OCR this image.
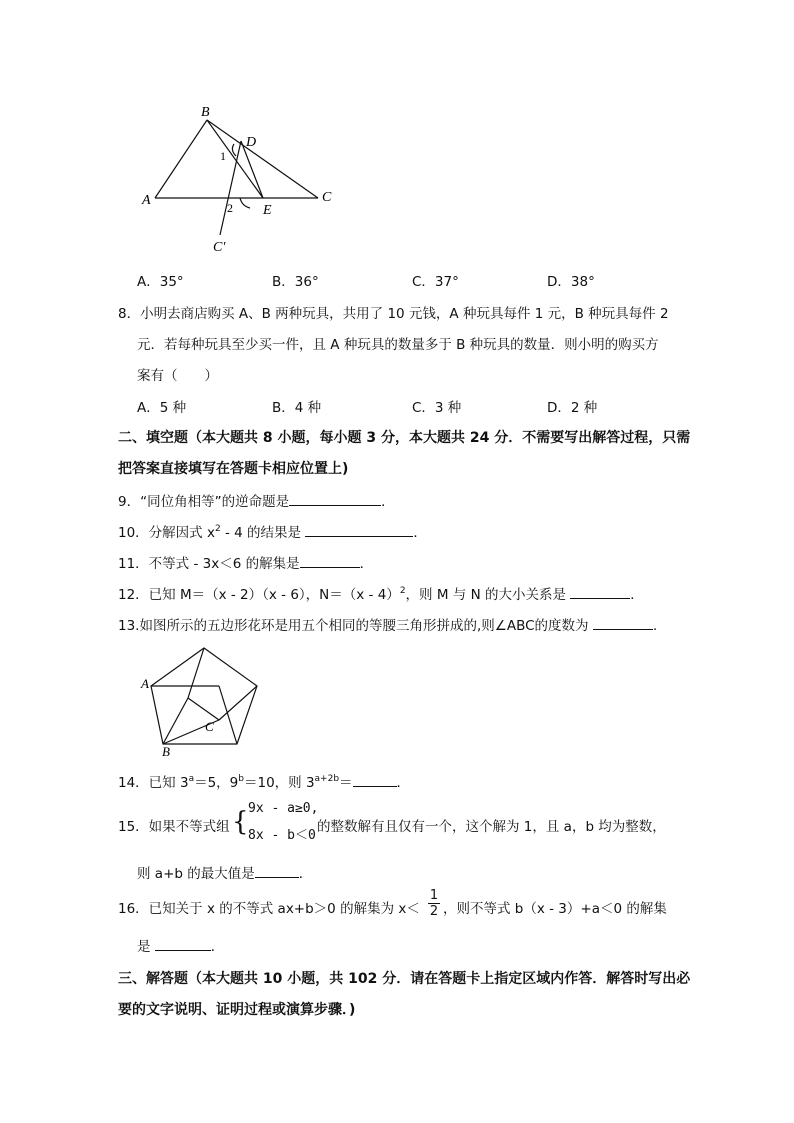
B
D
A	C
E
C′
1
2
A．35°	B．36°	C．37°	D．38°
8．小明去商店购买 A、B 两种玩具，共用了 10 元钱，A 种玩具每件 1 元，B 种玩具每件 2
元．若每种玩具至少买一件，且 A 种玩具的数量多于 B 种玩具的数量．则小明的购买方
案有（　　）
A．5 种	B．4 种	C．3 种	D．2 种
二、填空题（本大题共 8 小题，每小题 3 分，本大题共 24 分．不需要写出解答过程，只需
把答案直接填写在答题卡相应位置上)
9．“同位角相等”的逆命题是	．
10．分解因式 $x^2 - 4$ 的结果是	．
11．不等式 - 3x＜6 的解集是	．
12．已知 M＝（x - 2）（x - 6），N＝（x - 4）$^2$，则 M 与 N 的大小关系是	．
13.如图所示的五边形花环是用五个相同的等腰三角形拼成的,则∠ABC的度数为	.
A
B
C
14．已知 $3^a=5$，$9^b=10$，则 $3^{a+2b}=$	．
15．如果不等式组 { 9x - a≥0,
8x - b＜0
的整数解有且仅有一个，这个解为 1，且 a，b 均为整数，
则 a+b 的最大值是	．
16．已知关于 x 的不等式 ax+b＞0 的解集为 $x< \frac{1}{2}$ ，则不等式 b（x - 3）+a＜0 的解集
是	．
三、解答题（本大题共 10 小题，共 102 分．请在答题卡上指定区域内作答．解答时写出必
要的文字说明、证明过程或演算步骤．)
